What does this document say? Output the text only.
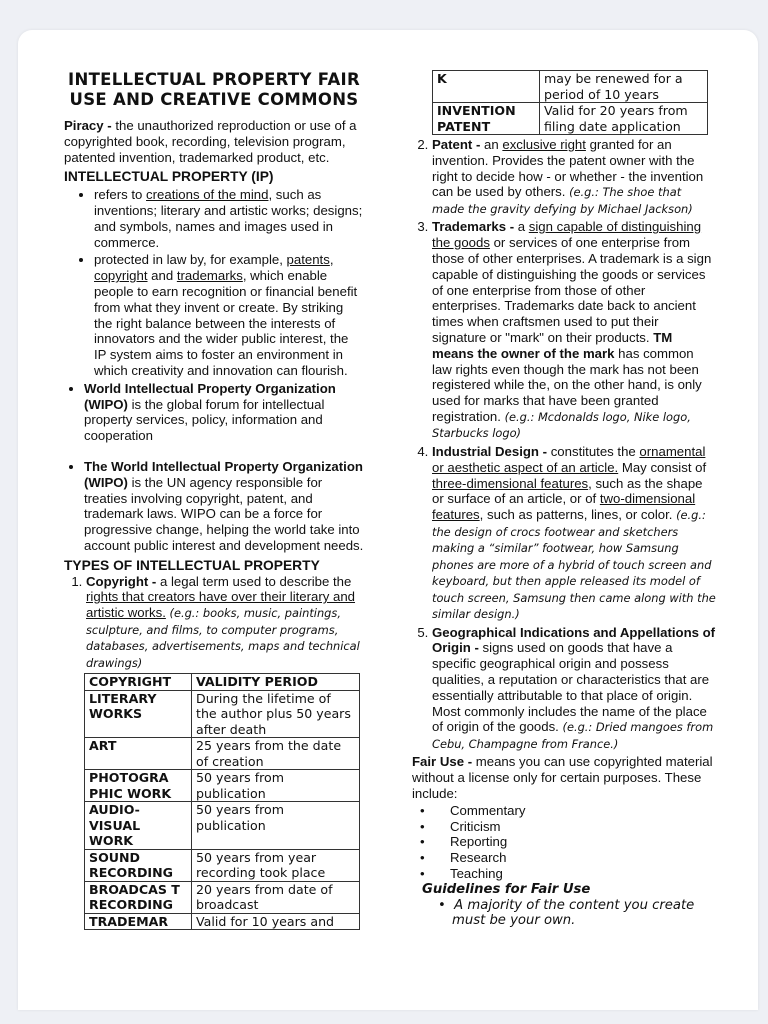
INTELLECTUAL PROPERTY FAIR USE AND CREATIVE COMMONS

Piracy - the unauthorized reproduction or use of a copyrighted book, recording, television program, patented invention, trademarked product, etc.

INTELLECTUAL PROPERTY (IP)
• refers to creations of the mind, such as inventions; literary and artistic works; designs; and symbols, names and images used in commerce.
• protected in law by, for example, patents, copyright and trademarks, which enable people to earn recognition or financial benefit from what they invent or create. By striking the right balance between the interests of innovators and the wider public interest, the IP system aims to foster an environment in which creativity and innovation can flourish.
• World Intellectual Property Organization (WIPO) is the global forum for intellectual property services, policy, information and cooperation
• The World Intellectual Property Organization (WIPO) is the UN agency responsible for treaties involving copyright, patent, and trademark laws. WIPO can be a force for progressive change, helping the world take into account public interest and development needs.
TYPES OF INTELLECTUAL PROPERTY
1. Copyright - a legal term used to describe the rights that creators have over their literary and artistic works. (e.g.: books, music, paintings, sculpture, and films, to computer programs, databases, advertisements, maps and technical drawings)
COPYRIGHT	VALIDITY PERIOD
LITERARY WORKS	During the lifetime of the author plus 50 years after death
ART	25 years from the date of creation
PHOTOGRA PHIC WORK	50 years from publication
AUDIO-VISUAL WORK	50 years from publication
SOUND RECORDING	50 years from year recording took place
BROADCAS T RECORDING	20 years from date of broadcast
TRADEMAR	Valid for 10 years and
K	may be renewed for a period of 10 years
INVENTION PATENT	Valid for 20 years from filing date application
2. Patent - an exclusive right granted for an invention. Provides the patent owner with the right to decide how - or whether - the invention can be used by others. (e.g.: The shoe that made the gravity defying by Michael Jackson)
3. Trademarks - a sign capable of distinguishing the goods or services of one enterprise from those of other enterprises. A trademark is a sign capable of distinguishing the goods or services of one enterprise from those of other enterprises. Trademarks date back to ancient times when craftsmen used to put their signature or "mark" on their products. TM means the owner of the mark has common law rights even though the mark has not been registered while the, on the other hand, is only used for marks that have been granted registration. (e.g.: Mcdonalds logo, Nike logo, Starbucks logo)
4. Industrial Design - constitutes the ornamental or aesthetic aspect of an article. May consist of three-dimensional features, such as the shape or surface of an article, or of two-dimensional features, such as patterns, lines, or color. (e.g.: the design of crocs footwear and sketchers making a “similar” footwear, how Samsung phones are more of a hybrid of touch screen and keyboard, but then apple released its model of touch screen, Samsung then came along with the similar design.)
5. Geographical Indications and Appellations of Origin - signs used on goods that have a specific geographical origin and possess qualities, a reputation or characteristics that are essentially attributable to that place of origin. Most commonly includes the name of the place of origin of the goods. (e.g.: Dried mangoes from Cebu, Champagne from France.)

Fair Use - means you can use copyrighted material without a license only for certain purposes. These include:

• Commentary
• Criticism
• Reporting
• Research
• Teaching
Guidelines for Fair Use
•  A majority of the content you create must be your own.
